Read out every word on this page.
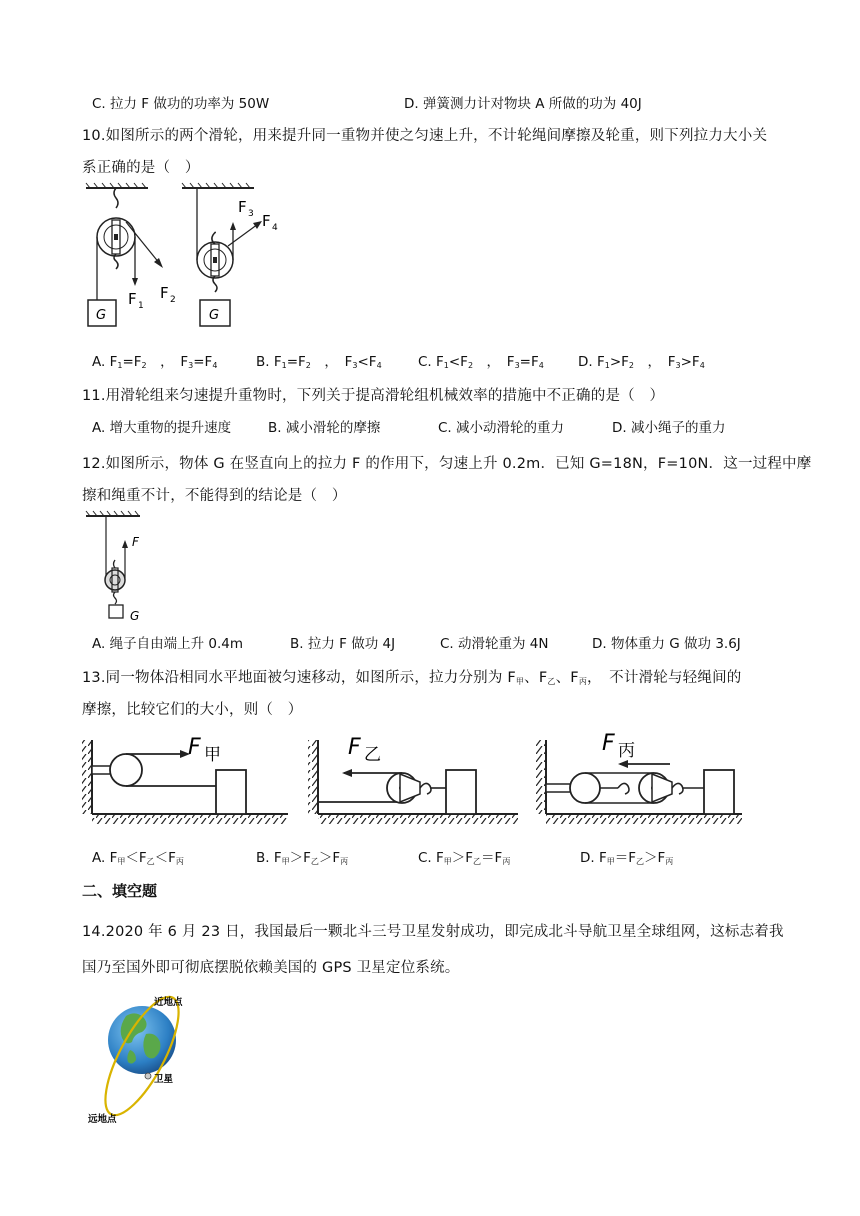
C. 拉力 F 做功的功率为 50W	D. 弹簧测力计对物块 A 所做的功为 40J
10.如图所示的两个滑轮，用来提升同一重物并使之匀速上升，不计轮绳间摩擦及轮重，则下列拉力大小关
系正确的是（　）
G
F 1
F 2
G
F 3 F 4
A. $F_1=F_2$　，　$F_3=F_4$	B. $F_1=F_2$　，　$F_3<F_4$	C. $F_1<F_2$　，　$F_3=F_4$	D. $F_1>F_2$　，　$F_3>F_4$
11.用滑轮组来匀速提升重物时，下列关于提高滑轮组机械效率的措施中不正确的是（　）
A. 增大重物的提升速度	B. 减小滑轮的摩擦	C. 减小动滑轮的重力	D. 减小绳子的重力
12.如图所示，物体 G 在竖直向上的拉力 F 的作用下，匀速上升 0.2m．已知 G=18N，F=10N．这一过程中摩
擦和绳重不计，不能得到的结论是（　）
F
G
A. 绳子自由端上升 0.4m	B. 拉力 F 做功 4J	C. 动滑轮重为 4N	D. 物体重力 G 做功 3.6J
13.同一物体沿相同水平地面被匀速移动，如图所示，拉力分别为 $F_甲$、$F_乙$、$F_丙$，　不计滑轮与轻绳间的
摩擦，比较它们的大小，则（　）
F 甲	F 乙	F 丙
A. $F_甲<F_乙<F_丙$	B. $F_甲>F_乙>F_丙$	C. $F_甲>F_乙=F_丙$	D. $F_甲=F_乙>F_丙$
二、填空题
14.2020 年 6 月 23 日，我国最后一颗北斗三号卫星发射成功，即完成北斗导航卫星全球组网，这标志着我
国乃至国外即可彻底摆脱依赖美国的 GPS 卫星定位系统。
近地点
卫星
远地点
